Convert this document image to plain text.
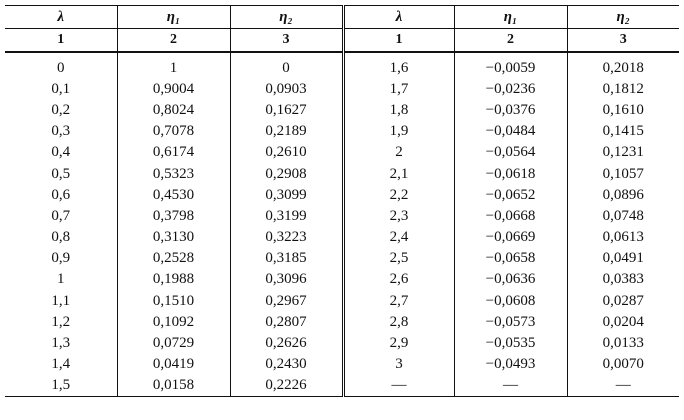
λ	η₁	η₂	λ	η₁	η₂
1	2	3	1	2	3
0	1	0	1,6	−0,0059	0,2018
0,1	0,9004	0,0903	1,7	−0,0236	0,1812
0,2	0,8024	0,1627	1,8	−0,0376	0,1610
0,3	0,7078	0,2189	1,9	−0,0484	0,1415
0,4	0,6174	0,2610	2	−0,0564	0,1231
0,5	0,5323	0,2908	2,1	−0,0618	0,1057
0,6	0,4530	0,3099	2,2	−0,0652	0,0896
0,7	0,3798	0,3199	2,3	−0,0668	0,0748
0,8	0,3130	0,3223	2,4	−0,0669	0,0613
0,9	0,2528	0,3185	2,5	−0,0658	0,0491
1	0,1988	0,3096	2,6	−0,0636	0,0383
1,1	0,1510	0,2967	2,7	−0,0608	0,0287
1,2	0,1092	0,2807	2,8	−0,0573	0,0204
1,3	0,0729	0,2626	2,9	−0,0535	0,0133
1,4	0,0419	0,2430	3	−0,0493	0,0070
1,5	0,0158	0,2226	—	—	—
